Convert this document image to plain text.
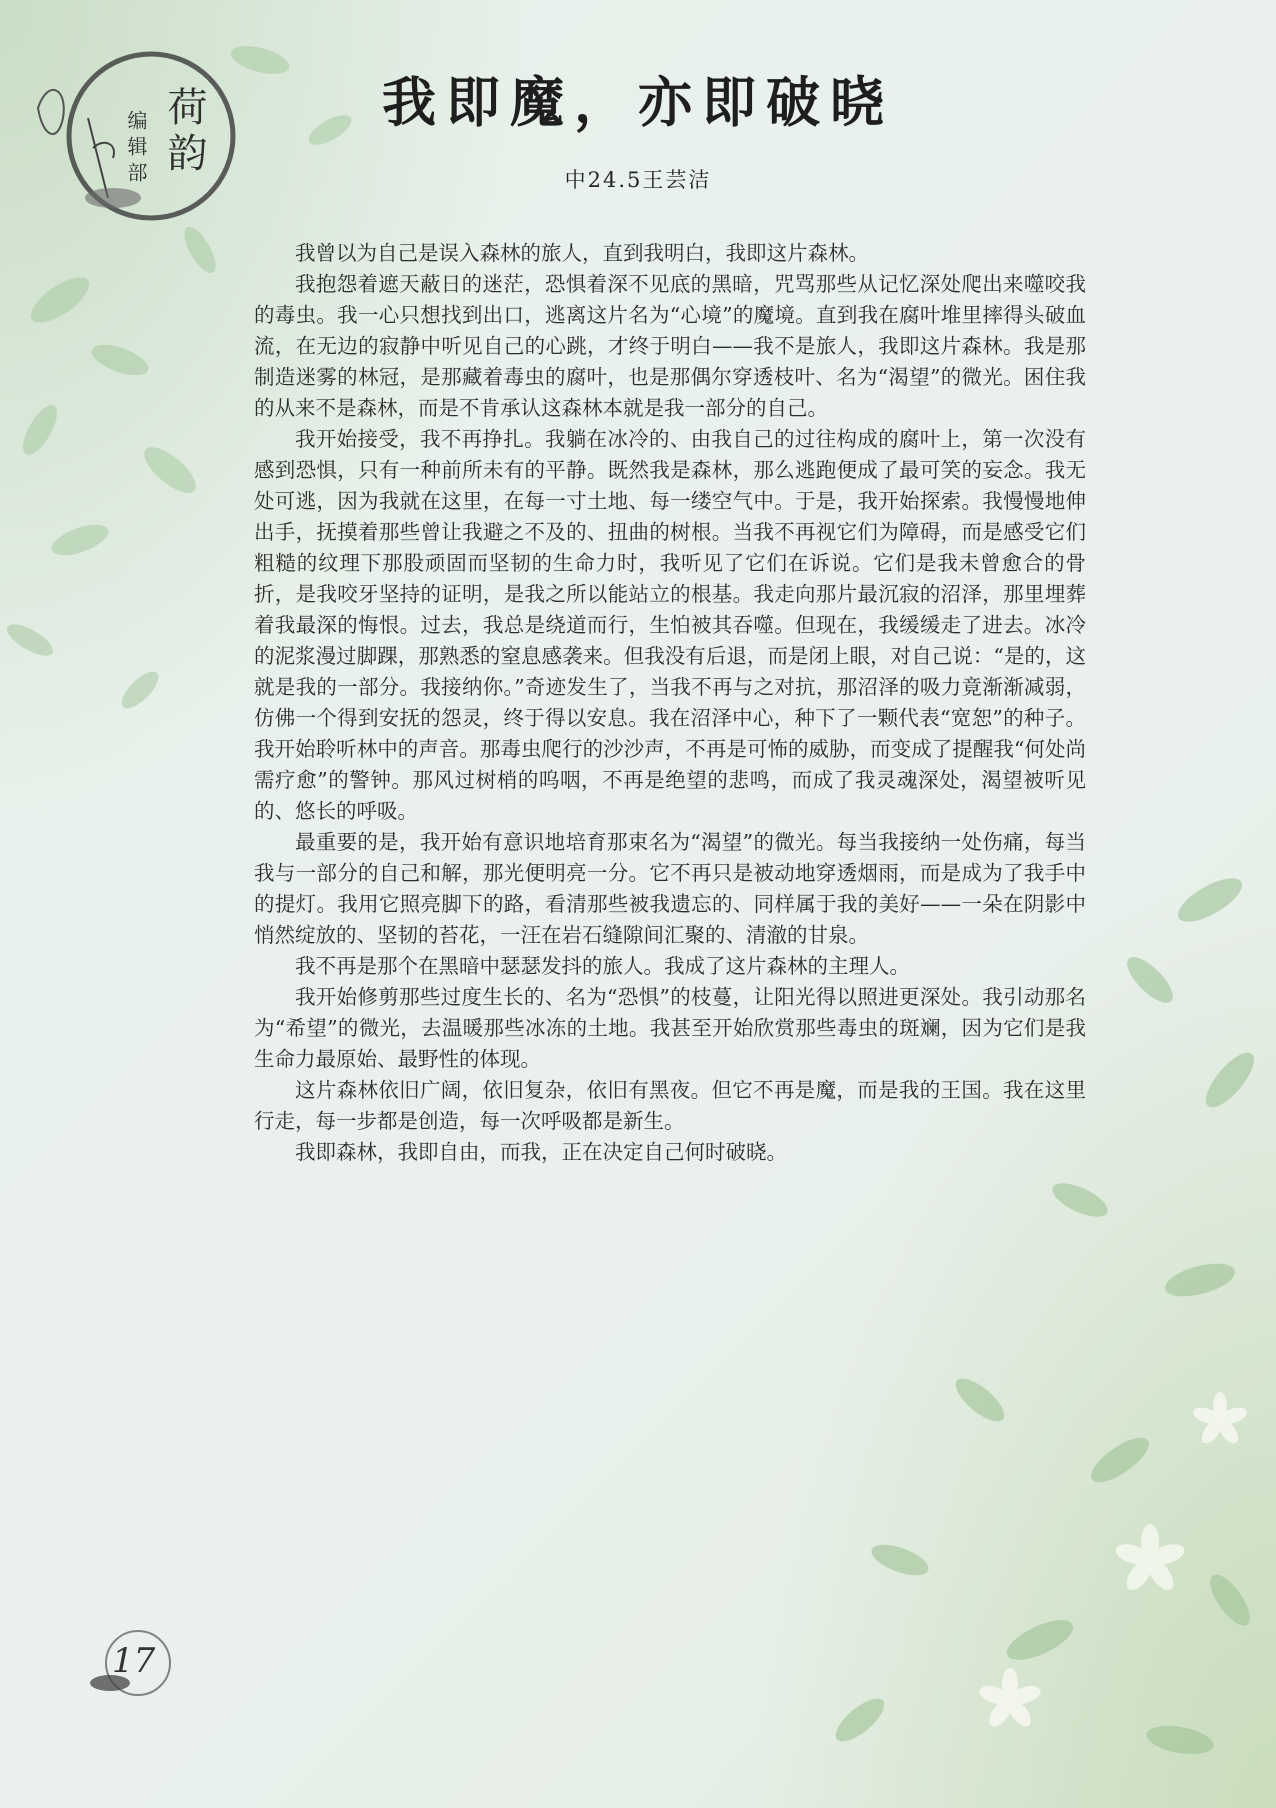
荷韵
编辑部
我即魔，亦即破晓
中24.5王芸洁

我曾以为自己是误入森林的旅人，直到我明白，我即这片森林。

我抱怨着遮天蔽日的迷茫，恐惧着深不见底的黑暗，咒骂那些从记忆深处爬出来噬咬我的毒虫。我一心只想找到出口，逃离这片名为“心境”的魔境。直到我在腐叶堆里摔得头破血流，在无边的寂静中听见自己的心跳，才终于明白——我不是旅人，我即这片森林。我是那制造迷雾的林冠，是那藏着毒虫的腐叶，也是那偶尔穿透枝叶、名为“渴望”的微光。困住我的从来不是森林，而是不肯承认这森林本就是我一部分的自己。

我开始接受，我不再挣扎。我躺在冰冷的、由我自己的过往构成的腐叶上，第一次没有感到恐惧，只有一种前所未有的平静。既然我是森林，那么逃跑便成了最可笑的妄念。我无处可逃，因为我就在这里，在每一寸土地、每一缕空气中。于是，我开始探索。我慢慢地伸出手，抚摸着那些曾让我避之不及的、扭曲的树根。当我不再视它们为障碍，而是感受它们粗糙的纹理下那股顽固而坚韧的生命力时，我听见了它们在诉说。它们是我未曾愈合的骨折，是我咬牙坚持的证明，是我之所以能站立的根基。我走向那片最沉寂的沼泽，那里埋葬着我最深的悔恨。过去，我总是绕道而行，生怕被其吞噬。但现在，我缓缓走了进去。冰冷的泥浆漫过脚踝，那熟悉的窒息感袭来。但我没有后退，而是闭上眼，对自己说：“是的，这就是我的一部分。我接纳你。”奇迹发生了，当我不再与之对抗，那沼泽的吸力竟渐渐减弱，仿佛一个得到安抚的怨灵，终于得以安息。我在沼泽中心，种下了一颗代表“宽恕”的种子。我开始聆听林中的声音。那毒虫爬行的沙沙声，不再是可怖的威胁，而变成了提醒我“何处尚需疗愈”的警钟。那风过树梢的呜咽，不再是绝望的悲鸣，而成了我灵魂深处，渴望被听见的、悠长的呼吸。

最重要的是，我开始有意识地培育那束名为“渴望”的微光。每当我接纳一处伤痛，每当我与一部分的自己和解，那光便明亮一分。它不再只是被动地穿透烟雨，而是成为了我手中的提灯。我用它照亮脚下的路，看清那些被我遗忘的、同样属于我的美好——一朵在阴影中悄然绽放的、坚韧的苔花，一汪在岩石缝隙间汇聚的、清澈的甘泉。

我不再是那个在黑暗中瑟瑟发抖的旅人。我成了这片森林的主理人。

我开始修剪那些过度生长的、名为“恐惧”的枝蔓，让阳光得以照进更深处。我引动那名为“希望”的微光，去温暖那些冰冻的土地。我甚至开始欣赏那些毒虫的斑斓，因为它们是我生命力最原始、最野性的体现。

这片森林依旧广阔，依旧复杂，依旧有黑夜。但它不再是魔，而是我的王国。我在这里行走，每一步都是创造，每一次呼吸都是新生。

我即森林，我即自由，而我，正在决定自己何时破晓。

17
